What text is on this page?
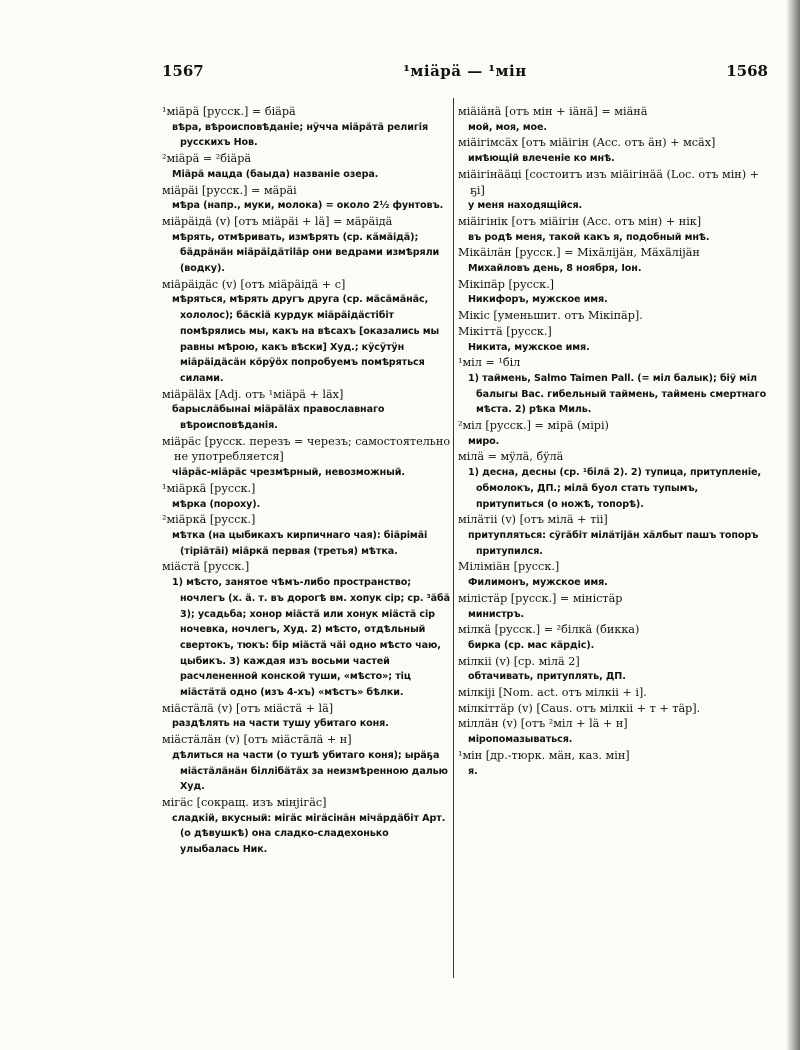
1567	¹міäрä — ¹мін	1568
¹міäрä [русск.] = біäрä
вѣра, вѣроисповѣданіе; нӱчча міäрäтä религія русскихъ Нов.
²міäрä = ²біäрä
Міäрä мацда (баыда) названіе озера.
міäрäі [русск.] = мäрäі
мѣра (напр., муки, молока) = около 2½ фунтовъ.
міäрäiдä (v) [отъ міäрäі + lä] = мäрäiдä
мѣрять, отмѣривать, измѣрять (ср. кäмäiдä); бäдрäнäн міäрäiдäтiläр они ведрами измѣряли (водку).
міäрäiдäс (v) [отъ міäрäiдä + с]
мѣряться, мѣрять другъ друга (ср. мäсäмäнäс, хололос); бäскiä курдук міäрäiдäстiбiт помѣрялись мы, какъ на вѣсахъ [оказались мы равны мѣрою, какъ вѣски] Худ.; кӱсӱтӱн міäрäiдäсäн кöрӱöх попробуемъ помѣряться силами.
міäрäläх [Adj. отъ ¹міäрä + läх]
барыслäбынаі міäрäläх православнаго вѣроисповѣданія.
міäрäс [русск. перезъ = черезъ; самостоятельно не употребляется]
чiäрäс-міäрäс чрезмѣрный, невозможный.
¹міäркä [русск.]
мѣрка (пороху).
²міäркä [русск.]
мѣтка (на цыбикахъ кирпичнаго чая): біäрiмäi (тiрiäтäi) міäркä первая (третья) мѣтка.
міäстä [русск.]
1) мѣсто, занятое чѣмъ-либо пространство; ночлегъ (х. ä. т. въ дорогѣ вм. хопук сiр; ср. ³äбä 3); усадьба; хонор міäстä или хонук міäстä сiр ночевка, ночлегъ, Худ. 2) мѣсто, отдѣльный свертокъ, тюкъ: бiр міäстä чäi одно мѣсто чаю, цыбикъ. 3) каждая изъ восьми частей расчлененной конской туши, «мѣсто»; тiц міäстäтä одно (изъ 4-хъ) «мѣстъ» бѣлки.
міäстäлä (v) [отъ міäстä + lä]
раздѣлять на части тушу убитаго коня.
міäстäлäн (v) [отъ міäстäлä + н]
дѣлиться на части (о тушѣ убитаго коня); ырäҕа міäстäлäнäн бiллiбäтäх за неизмѣренною далью Худ.
мiгäс [сокращ. изъ мiнjiгäс]
сладкій, вкусный: мiгäс мiгäсiнäн мiчäрдäбiт Арт. (о дѣвушкѣ) она сладко-сладехонько улыбалась Ник.
мiäiäнä [отъ мiн + iäнä] = мiäнä
мой, моя, мое.
мiäiгiмсäх [отъ мiäiгiн (Acc. отъ äн) + мсäх]
имѣющій влеченіе ко мнѣ.
мiäiгiнääцi [состоитъ изъ мiäiгiнää (Loc. отъ мiн) + ҕi]
у меня находящійся.
мiäiгiнiк [отъ мiäiгiн (Acc. отъ мiн) + нiк]
въ родѣ меня, такой какъ я, подобный мнѣ.
Мiкäiлäн [русск.] = Мiхäлiјäн, Мäхäлiјäн
Михайловъ день, 8 ноября, Іон.
Мiкiпäр [русск.]
Никифоръ, мужское имя.
Мiкiс [уменьшит. отъ Мiкiпäр].
Мiкiттä [русск.]
Никита, мужское имя.
¹мiл = ¹бiл
1) таймень, Salmo Taimen Pall. (= мiл балык); бiÿ мiл балыгы Вас. гибельный таймень, таймень смертнаго мѣста. 2) рѣка Миль.
²мiл [русск.] = мiрä (мiрi)
миро.
мiлä = мÿлä, бÿлä
1) десна, десны (ср. ¹бiлä 2). 2) тупица, притупленіе, обмолокъ, ДП.; мiлä буол стать тупымъ, притупиться (о ножѣ, топорѣ).
мiлäтii (v) [отъ мiлä + тii]
притупляться: сÿгäбiт мiлäтiјäн хäлбыт пашъ топоръ притупился.
Мiлiмiäн [русск.]
Филимонъ, мужское имя.
мiлiстäр [русск.] = мiнiстäр
министръ.
мiлкä [русск.] = ²бiлкä (бикка)
бирка (ср. мас кäрдiс).
мiлкii (v) [ср. мiлä 2]
обтачивать, притуплять, ДП.
мiлкiјi [Nom. act. отъ мiлкii + i].
мiлкiттäр (v) [Caus. отъ мiлкii + т + тäр].
мiллäн (v) [отъ ²мiл + lä + н]
мiропомазываться.
¹мiн [др.-тюрк. мäн, каз. мiн]
я.
